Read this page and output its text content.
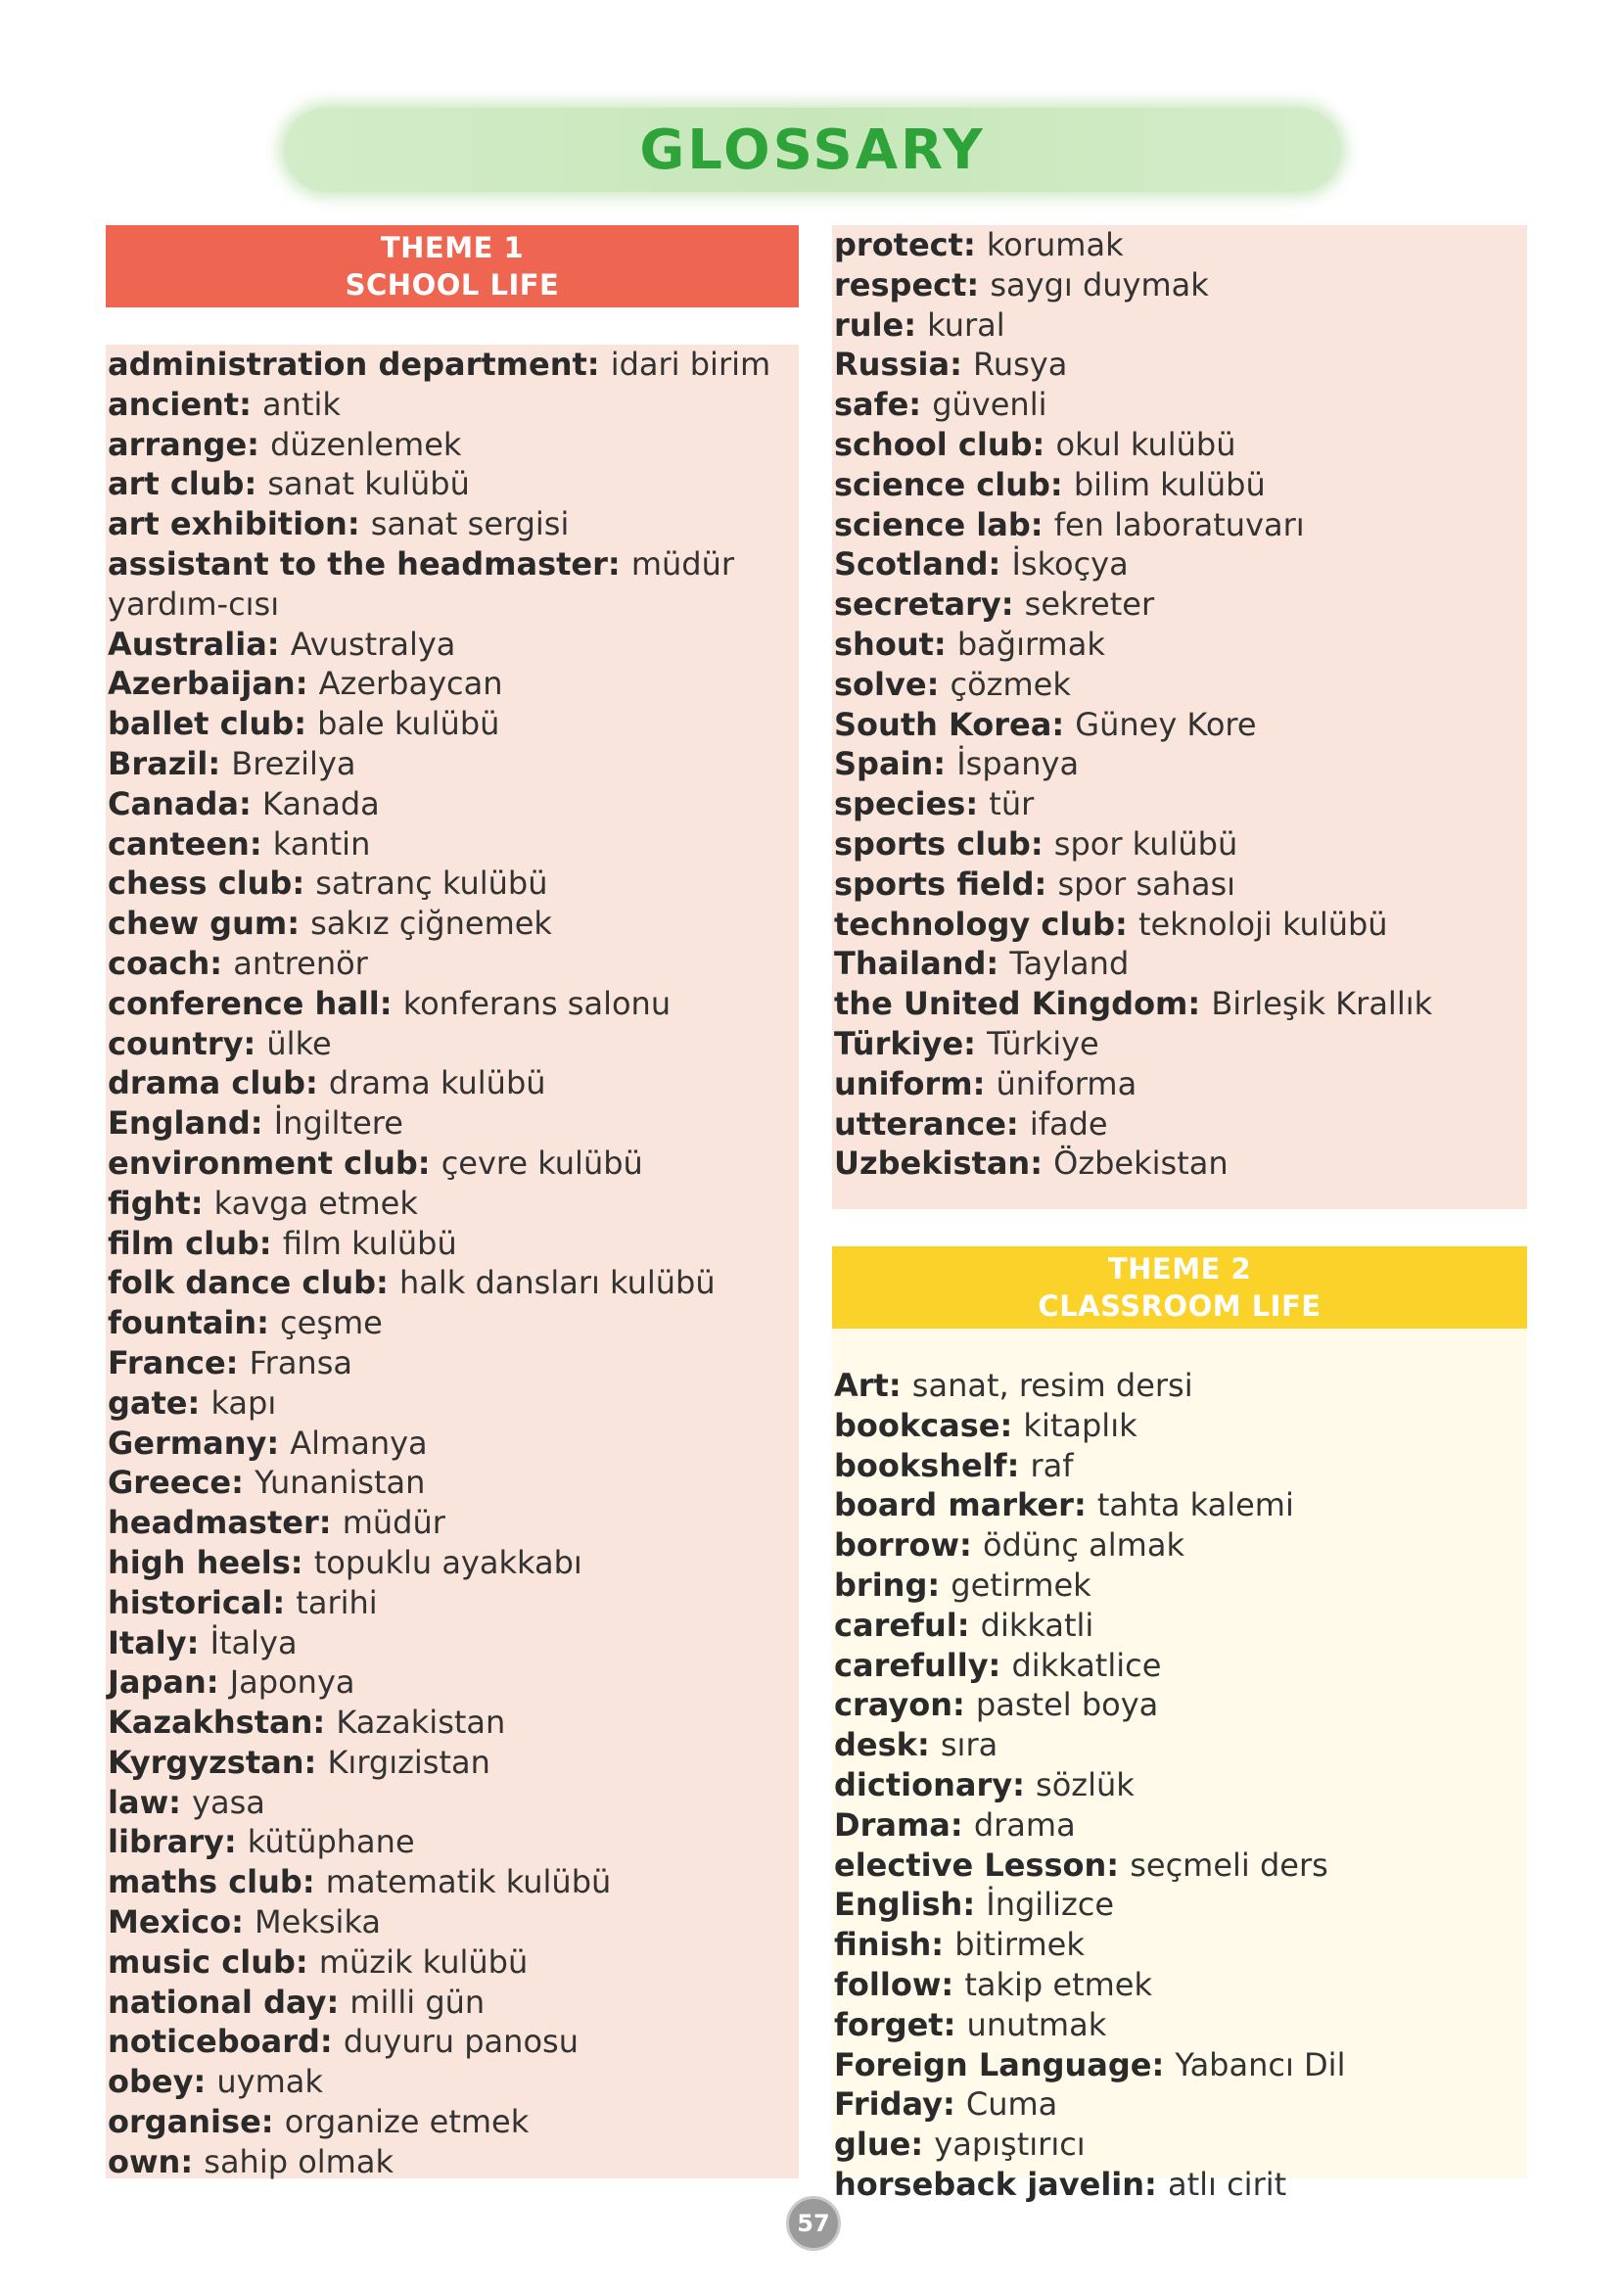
GLOSSARY
THEME 1
SCHOOL LIFE
administration department: idari birim
ancient: antik
arrange: düzenlemek
art club: sanat kulübü
art exhibition: sanat sergisi
assistant to the headmaster: müdür yardım-cısı
Australia: Avustralya
Azerbaijan: Azerbaycan
ballet club: bale kulübü
Brazil: Brezilya
Canada: Kanada
canteen: kantin
chess club: satranç kulübü
chew gum: sakız çiğnemek
coach: antrenör
conference hall: konferans salonu
country: ülke
drama club: drama kulübü
England: İngiltere
environment club: çevre kulübü
fight: kavga etmek
film club: film kulübü
folk dance club: halk dansları kulübü
fountain: çeşme
France: Fransa
gate: kapı
Germany: Almanya
Greece: Yunanistan
headmaster: müdür
high heels: topuklu ayakkabı
historical: tarihi
Italy: İtalya
Japan: Japonya
Kazakhstan: Kazakistan
Kyrgyzstan: Kırgızistan
law: yasa
library: kütüphane
maths club: matematik kulübü
Mexico: Meksika
music club: müzik kulübü
national day: milli gün
noticeboard: duyuru panosu
obey: uymak
organise: organize etmek
own: sahip olmak
protect: korumak
respect: saygı duymak
rule: kural
Russia: Rusya
safe: güvenli
school club: okul kulübü
science club: bilim kulübü
science lab: fen laboratuvarı
Scotland: İskoçya
secretary: sekreter
shout: bağırmak
solve: çözmek
South Korea: Güney Kore
Spain: İspanya
species: tür
sports club: spor kulübü
sports field: spor sahası
technology club: teknoloji kulübü
Thailand: Tayland
the United Kingdom: Birleşik Krallık
Türkiye: Türkiye
uniform: üniforma
utterance: ifade
Uzbekistan: Özbekistan
THEME 2
CLASSROOM LIFE
Art: sanat, resim dersi
bookcase: kitaplık
bookshelf: raf
board marker: tahta kalemi
borrow: ödünç almak
bring: getirmek
careful: dikkatli
carefully: dikkatlice
crayon: pastel boya
desk: sıra
dictionary: sözlük
Drama: drama
elective Lesson: seçmeli ders
English: İngilizce
finish: bitirmek
follow: takip etmek
forget: unutmak
Foreign Language: Yabancı Dil
Friday: Cuma
glue: yapıştırıcı
horseback javelin: atlı cirit
57
